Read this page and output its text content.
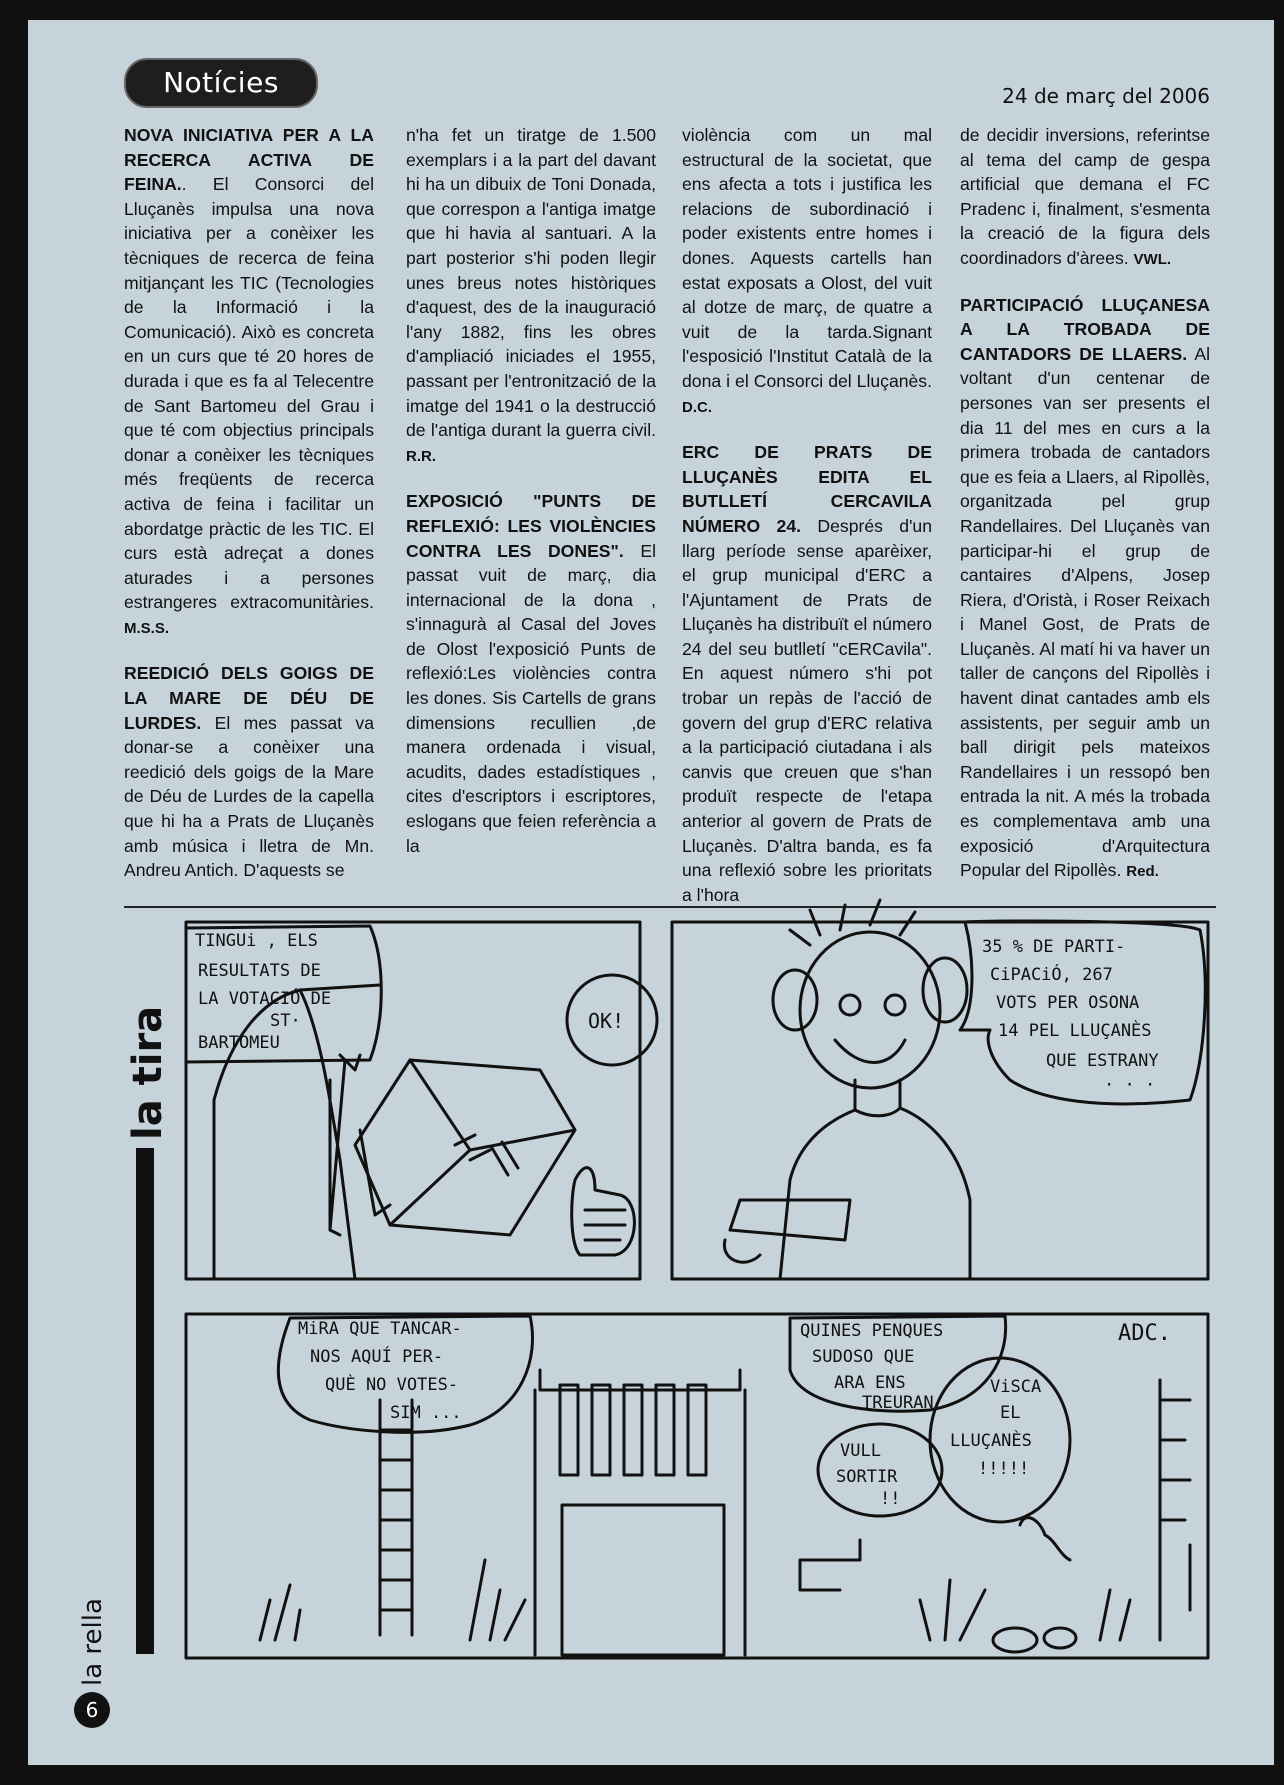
Notícies	24 de març del 2006

NOVA INICIATIVA PER A LA RECERCA ACTIVA DE FEINA.. El Consorci del Lluçanès impulsa una nova iniciativa per a conèixer les tècniques de recerca de feina mitjançant les TIC (Tecnologies de la Informació i la Comunicació). Això es concreta en un curs que té 20 hores de durada i que es fa al Telecentre de Sant Bartomeu del Grau i que té com objectius principals donar a conèixer les tècniques més freqüents de recerca activa de feina i facilitar un abordatge pràctic de les TIC. El curs està adreçat a dones aturades i a persones estrangeres extracomunitàries. M.S.S.

REEDICIÓ DELS GOIGS DE LA MARE DE DÉU DE LURDES. El mes passat va donar-se a conèixer una reedició dels goigs de la Mare de Déu de Lurdes de la capella que hi ha a Prats de Lluçanès amb música i lletra de Mn. Andreu Antich. D'aquests se

n'ha fet un tiratge de 1.500 exemplars i a la part del davant hi ha un dibuix de Toni Donada, que correspon a l'antiga imatge que hi havia al santuari. A la part posterior s'hi poden llegir unes breus notes històriques d'aquest, des de la inauguració l'any 1882, fins les obres d'ampliació iniciades el 1955, passant per l'entronització de la imatge del 1941 o la destrucció de l'antiga durant la guerra civil. R.R.

EXPOSICIÓ "PUNTS DE REFLEXIÓ: LES VIOLÈNCIES CONTRA LES DONES". El passat vuit de març, dia internacional de la dona , s'innagurà al Casal del Joves de Olost l'exposició Punts de reflexió:Les violències contra les dones. Sis Cartells de grans dimensions recullien ,de manera ordenada i visual, acudits, dades estadístiques , cites d'escriptors i escriptores, eslogans que feien referència a la

violència com un mal estructural de la societat, que ens afecta a tots i justifica les relacions de subordinació i poder existents entre homes i dones. Aquests cartells han estat exposats a Olost, del vuit al dotze de març, de quatre a vuit de la tarda.Signant l'esposició l'Institut Català de la dona i el Consorci del Lluçanès. D.C.

ERC DE PRATS DE LLUÇANÈS EDITA EL BUTLLETÍ CERCAVILA NÚMERO 24. Després d'un llarg període sense aparèixer, el grup municipal d'ERC a l'Ajuntament de Prats de Lluçanès ha distribuït el número 24 del seu butlletí "cERCavila". En aquest número s'hi pot trobar un repàs de l'acció de govern del grup d'ERC relativa a la participació ciutadana i als canvis que creuen que s'han produït respecte de l'etapa anterior al govern de Prats de Lluçanès. D'altra banda, es fa una reflexió sobre les prioritats a l'hora

de decidir inversions, referintse al tema del camp de gespa artificial que demana el FC Pradenc i, finalment, s'esmenta la creació de la figura dels coordinadors d'àrees. VWL.

PARTICIPACIÓ LLUÇANESA A LA TROBADA DE CANTADORS DE LLAERS. Al voltant d'un centenar de persones van ser presents el dia 11 del mes en curs a la primera trobada de cantadors que es feia a Llaers, al Ripollès, organitzada pel grup Randellaires. Del Lluçanès van participar-hi el grup de cantaires d'Alpens, Josep Riera, d'Oristà, i Roser Reixach i Manel Gost, de Prats de Lluçanès. Al matí hi va haver un taller de cançons del Ripollès i havent dinat cantades amb els assistents, per seguir amb un ball dirigit pels mateixos Randellaires i un ressopó ben entrada la nit. A més la trobada es complementava amb una exposició d'Arquitectura Popular del Ripollès. Red.

la tira
TINGUi , ELS
RESULTATS DE
LA VOTACIÓ DE
ST·
BARTOMEU
OK!
35 % DE PARTI-
CiPACiÓ, 267
VOTS PER OSONA
14 PEL LLUÇANÈS
QUE ESTRANY
· · ·
MiRA QUE TANCAR-
NOS AQUÍ PER-
QUÈ NO VOTES-
SIM ...
QUINES PENQUES
SUDOSO QUE
ARA ENS
TREURAN
VULL
SORTIR
!!
ViSCA
EL
LLUÇANÈS
!!!!!
ADC.
la rella
6
